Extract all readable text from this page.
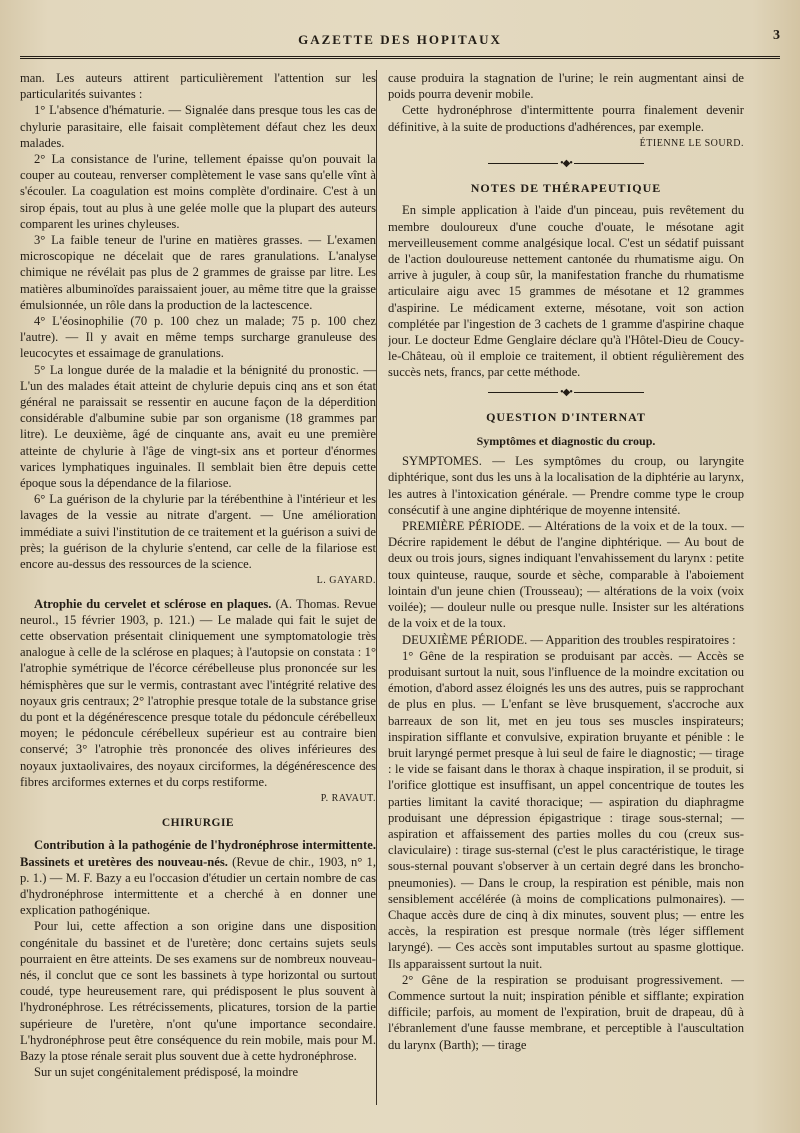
GAZETTE DES HOPITAUX	3

man. Les auteurs attirent particulièrement l'attention sur les particularités suivantes :

1° L'absence d'hématurie. — Signalée dans presque tous les cas de chylurie parasitaire, elle faisait complètement défaut chez les deux malades.

2° La consistance de l'urine, tellement épaisse qu'on pouvait la couper au couteau, renverser complètement le vase sans qu'elle vînt à s'écouler. La coagulation est moins complète d'ordinaire. C'est à un sirop épais, tout au plus à une gelée molle que la plupart des auteurs comparent les urines chyleuses.

3° La faible teneur de l'urine en matières grasses. — L'examen microscopique ne décelait que de rares granulations. L'analyse chimique ne révélait pas plus de 2 grammes de graisse par litre. Les matières albuminoïdes paraissaient jouer, au même titre que la graisse émulsionnée, un rôle dans la production de la lactescence.

4° L'éosinophilie (70 p. 100 chez un malade; 75 p. 100 chez l'autre). — Il y avait en même temps surcharge granuleuse des leucocytes et essaimage de granulations.

5° La longue durée de la maladie et la bénignité du pronostic. — L'un des malades était atteint de chylurie depuis cinq ans et son état général ne paraissait se ressentir en aucune façon de la déperdition considérable d'albumine subie par son organisme (18 grammes par litre). Le deuxième, âgé de cinquante ans, avait eu une première atteinte de chylurie à l'âge de vingt-six ans et porteur d'énormes varices lymphatiques inguinales. Il semblait bien être depuis cette époque sous la dépendance de la filariose.

6° La guérison de la chylurie par la térébenthine à l'intérieur et les lavages de la vessie au nitrate d'argent. — Une amélioration immédiate a suivi l'institution de ce traitement et la guérison a suivi de près; la guérison de la chylurie s'entend, car celle de la filariose est encore au-dessus des ressources de la science.

L. GAYARD.

Atrophie du cervelet et sclérose en plaques. (A. Thomas. Revue neurol., 15 février 1903, p. 121.) — Le malade qui fait le sujet de cette observation présentait cliniquement une symptomatologie très analogue à celle de la sclérose en plaques; à l'autopsie on constata : 1° l'atrophie symétrique de l'écorce cérébelleuse plus prononcée sur les hémisphères que sur le vermis, contrastant avec l'intégrité relative des noyaux gris centraux; 2° l'atrophie presque totale de la substance grise du pont et la dégénérescence presque totale du pédoncule cérébelleux moyen; le pédoncule cérébelleux supérieur est au contraire bien conservé; 3° l'atrophie très prononcée des olives inférieures des noyaux juxtaolivaires, des noyaux circiformes, la dégénérescence des fibres arciformes externes et du corps restiforme.

P. RAVAUT.

CHIRURGIE

Contribution à la pathogénie de l'hydronéphrose intermittente. Bassinets et uretères des nouveau-nés. (Revue de chir., 1903, n° 1, p. 1.) — M. F. Bazy a eu l'occasion d'étudier un certain nombre de cas d'hydronéphrose intermittente et a cherché à en donner une explication pathogénique.

Pour lui, cette affection a son origine dans une disposition congénitale du bassinet et de l'uretère; donc certains sujets seuls pourraient en être atteints. De ses examens sur de nombreux nouveau-nés, il conclut que ce sont les bassinets à type horizontal ou surtout coudé, type heureusement rare, qui prédisposent le plus souvent à l'hydronéphrose. Les rétrécissements, plicatures, torsion de la partie supérieure de l'uretère, n'ont qu'une importance secondaire. L'hydronéphrose peut être conséquence du rein mobile, mais pour M. Bazy la ptose rénale serait plus souvent due à cette hydronéphrose.

Sur un sujet congénitalement prédisposé, la moindre

cause produira la stagnation de l'urine; le rein augmentant ainsi de poids pourra devenir mobile.

Cette hydronéphrose d'intermittente pourra finalement devenir définitive, à la suite de productions d'adhérences, par exemple.

ÉTIENNE LE SOURD.

•◆•
NOTES DE THÉRAPEUTIQUE

En simple application à l'aide d'un pinceau, puis revêtement du membre douloureux d'une couche d'ouate, le mésotane agit merveilleusement comme analgésique local. C'est un sédatif puissant de l'action douloureuse nettement cantonée du rhumatisme aigu. On arrive à juguler, à coup sûr, la manifestation franche du rhumatisme articulaire aigu avec 15 grammes de mésotane et 12 grammes d'aspirine. Le médicament externe, mésotane, voit son action complétée par l'ingestion de 3 cachets de 1 gramme d'aspirine chaque jour. Le docteur Edme Genglaire déclare qu'à l'Hôtel-Dieu de Coucy-le-Château, où il emploie ce traitement, il obtient régulièrement des succès nets, francs, par cette méthode.

•◆•
QUESTION D'INTERNAT
Symptômes et diagnostic du croup.

SYMPTOMES. — Les symptômes du croup, ou laryngite diphtérique, sont dus les uns à la localisation de la diphtérie au larynx, les autres à l'intoxication générale. — Prendre comme type le croup consécutif à une angine diphtérique de moyenne intensité.

PREMIÈRE PÉRIODE. — Altérations de la voix et de la toux. — Décrire rapidement le début de l'angine diphtérique. — Au bout de deux ou trois jours, signes indiquant l'envahissement du larynx : petite toux quinteuse, rauque, sourde et sèche, comparable à l'aboiement lointain d'un jeune chien (Trousseau); — altérations de la voix (voix voilée); — douleur nulle ou presque nulle. Insister sur les altérations de la voix et de la toux.

DEUXIÈME PÉRIODE. — Apparition des troubles respiratoires :

1° Gêne de la respiration se produisant par accès. — Accès se produisant surtout la nuit, sous l'influence de la moindre excitation ou émotion, d'abord assez éloignés les uns des autres, puis se rapprochant de plus en plus. — L'enfant se lève brusquement, s'accroche aux barreaux de son lit, met en jeu tous ses muscles inspirateurs; inspiration sifflante et convulsive, expiration bruyante et pénible : le bruit laryngé permet presque à lui seul de faire le diagnostic; — tirage : le vide se faisant dans le thorax à chaque inspiration, il se produit, si l'orifice glottique est insuffisant, un appel concentrique de toutes les parties limitant la cavité thoracique; — aspiration du diaphragme produisant une dépression épigastrique : tirage sous-sternal; — aspiration et affaissement des parties molles du cou (creux sus-claviculaire) : tirage sus-sternal (c'est le plus caractéristique, le tirage sous-sternal pouvant s'observer à un certain degré dans les broncho-pneumonies). — Dans le croup, la respiration est pénible, mais non sensiblement accélérée (à moins de complications pulmonaires). — Chaque accès dure de cinq à dix minutes, souvent plus; — entre les accès, la respiration est presque normale (très léger sifflement laryngé). — Ces accès sont imputables surtout au spasme glottique. Ils apparaissent surtout la nuit.

2° Gêne de la respiration se produisant progressivement. — Commence surtout la nuit; inspiration pénible et sifflante; expiration difficile; parfois, au moment de l'expiration, bruit de drapeau, dû à l'ébranlement d'une fausse membrane, et perceptible à l'auscultation du larynx (Barth); — tirage
